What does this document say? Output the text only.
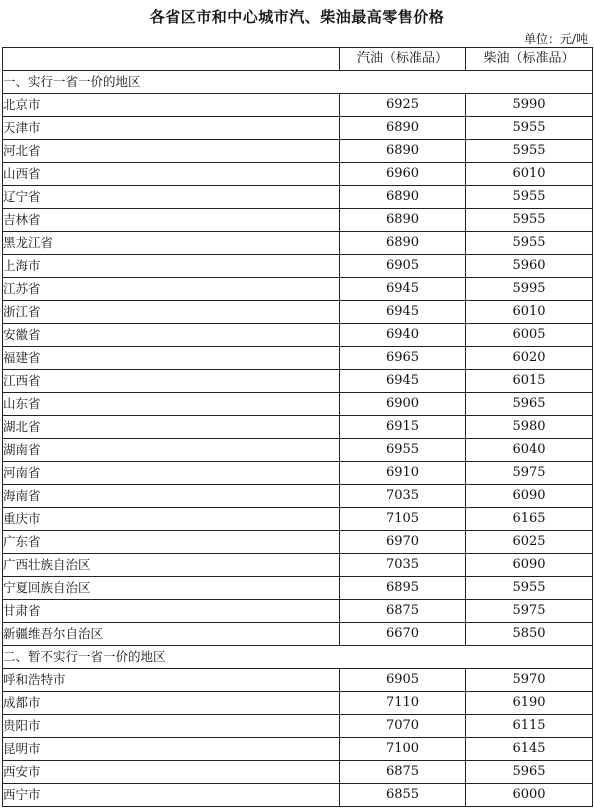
各省区市和中心城市汽、柴油最高零售价格
单位：元/吨
	汽油（标准品）	柴油（标准品）
一、实行一省一价的地区		
北京市	6925	5990
天津市	6890	5955
河北省	6890	5955
山西省	6960	6010
辽宁省	6890	5955
吉林省	6890	5955
黑龙江省	6890	5955
上海市	6905	5960
江苏省	6945	5995
浙江省	6945	6010
安徽省	6940	6005
福建省	6965	6020
江西省	6945	6015
山东省	6900	5965
湖北省	6915	5980
湖南省	6955	6040
河南省	6910	5975
海南省	7035	6090
重庆市	7105	6165
广东省	6970	6025
广西壮族自治区	7035	6090
宁夏回族自治区	6895	5955
甘肃省	6875	5975
新疆维吾尔自治区	6670	5850
二、暂不实行一省一价的地区		
呼和浩特市	6905	5970
成都市	7110	6190
贵阳市	7070	6115
昆明市	7100	6145
西安市	6875	5965
西宁市	6855	6000
